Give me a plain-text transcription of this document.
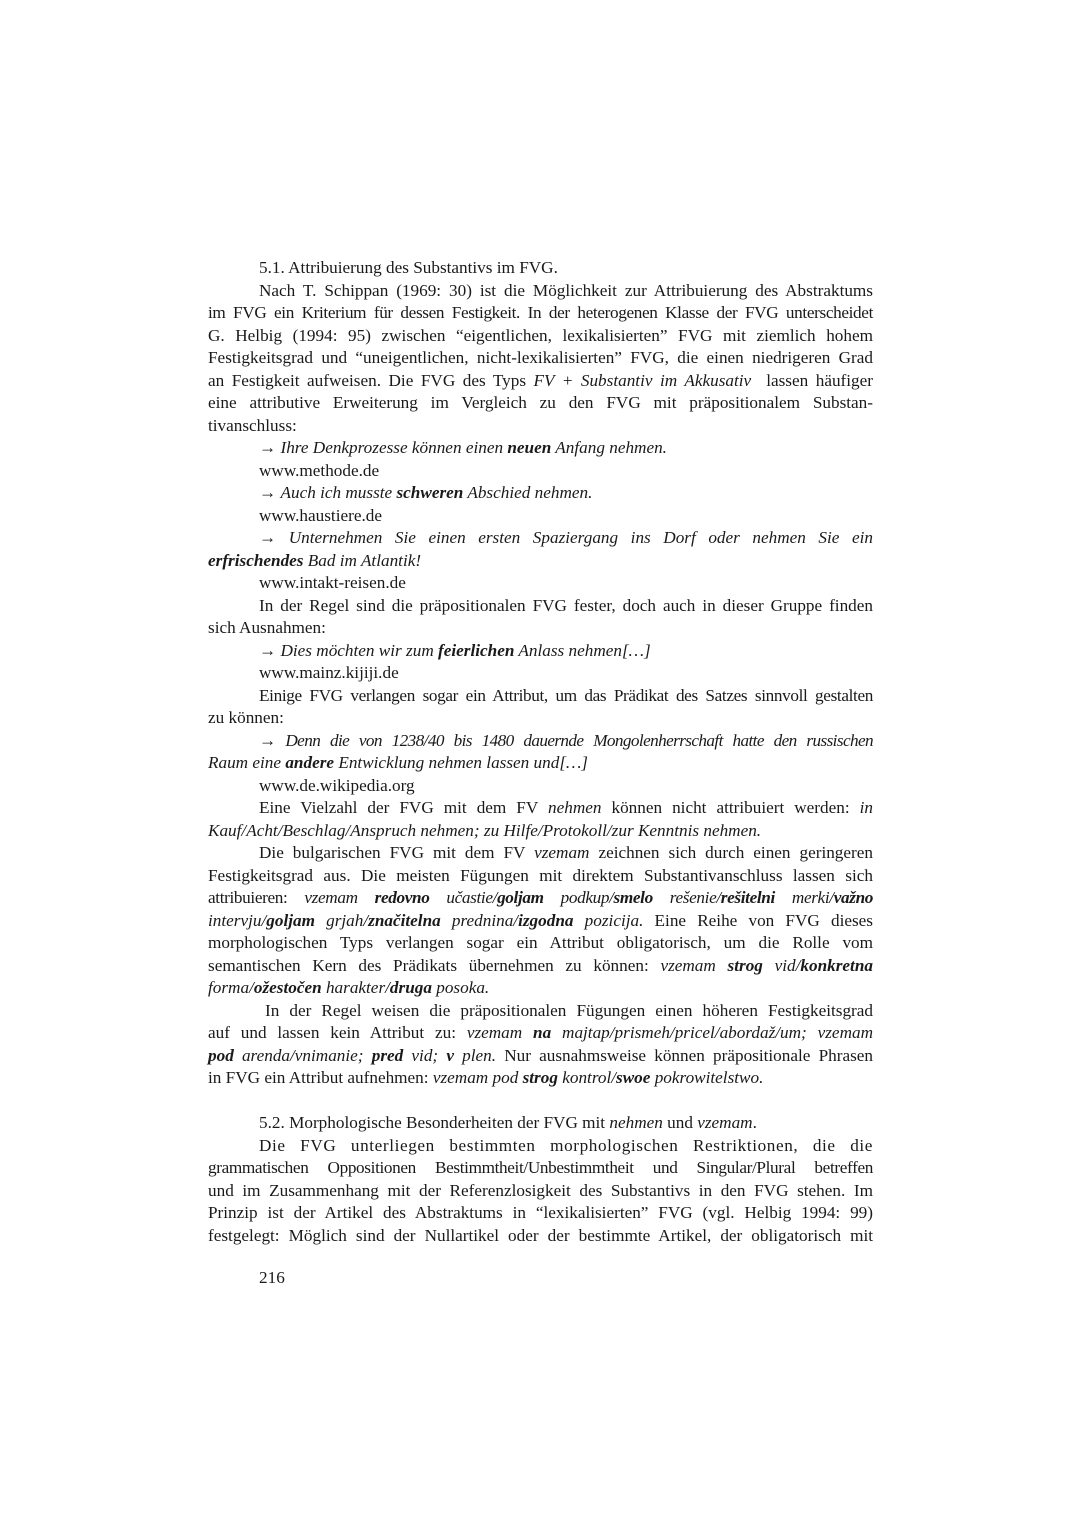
5.1. Attribuierung des Substantivs im FVG.
Nach T. Schippan (1969: 30) ist die Möglichkeit zur Attribuierung des Abstraktums
im FVG ein Kriterium für dessen Festigkeit. In der heterogenen Klasse der FVG unterscheidet
G. Helbig (1994: 95) zwischen “eigentlichen, lexikalisierten” FVG mit ziemlich hohem
Festigkeitsgrad und “uneigentlichen, nicht-lexikalisierten” FVG, die einen niedrigeren Grad
an Festigkeit aufweisen. Die FVG des Typs FV + Substantiv im Akkusativ  lassen häufiger
eine attributive Erweiterung im Vergleich zu den FVG mit präpositionalem Substan-
tivanschluss:
→ Ihre Denkprozesse können einen neuen Anfang nehmen.
www.methode.de
→ Auch ich musste schweren Abschied nehmen.
www.haustiere.de
→ Unternehmen Sie einen ersten Spaziergang ins Dorf oder nehmen Sie ein
erfrischendes Bad im Atlantik!
www.intakt-reisen.de
In der Regel sind die präpositionalen FVG fester, doch auch in dieser Gruppe finden
sich Ausnahmen:
→ Dies möchten wir zum feierlichen Anlass nehmen[…]
www.mainz.kijiji.de
Einige FVG verlangen sogar ein Attribut, um das Prädikat des Satzes sinnvoll gestalten
zu können:
→ Denn die von 1238/40 bis 1480 dauernde Mongolenherrschaft hatte den russischen
Raum eine andere Entwicklung nehmen lassen und[…]
www.de.wikipedia.org
Eine Vielzahl der FVG mit dem FV nehmen können nicht attribuiert werden: in
Kauf/Acht/Beschlag/Anspruch nehmen; zu Hilfe/Protokoll/zur Kenntnis nehmen.
Die bulgarischen FVG mit dem FV vzemam zeichnen sich durch einen geringeren
Festigkeitsgrad aus. Die meisten Fügungen mit direktem Substantivanschluss lassen sich
attribuieren: vzemam redovno učastie/goljam podkup/smelo rešenie/rešitelni merki/važno
intervju/goljam grjah/značitelna prednina/izgodna pozicija. Eine Reihe von FVG dieses
morphologischen Typs verlangen sogar ein Attribut obligatorisch, um die Rolle vom
semantischen Kern des Prädikats übernehmen zu können: vzemam strog vid/konkretna
forma/ožestočen harakter/druga posoka.
In der Regel weisen die präpositionalen Fügungen einen höheren Festigkeitsgrad
auf und lassen kein Attribut zu: vzemam na majtap/prismeh/pricel/abordaž/um; vzemam
pod arenda/vnimanie; pred vid; v plen. Nur ausnahmsweise können präpositionale Phrasen
in FVG ein Attribut aufnehmen: vzemam pod strog kontrol/swoe pokrowitelstwo.
5.2. Morphologische Besonderheiten der FVG mit nehmen und vzemam.
Die FVG unterliegen bestimmten morphologischen Restriktionen, die die
grammatischen Oppositionen Bestimmtheit/Unbestimmtheit und Singular/Plural betreffen
und im Zusammenhang mit der Referenzlosigkeit des Substantivs in den FVG stehen. Im
Prinzip ist der Artikel des Abstraktums in “lexikalisierten” FVG (vgl. Helbig 1994: 99)
festgelegt: Möglich sind der Nullartikel oder der bestimmte Artikel, der obligatorisch mit
216
